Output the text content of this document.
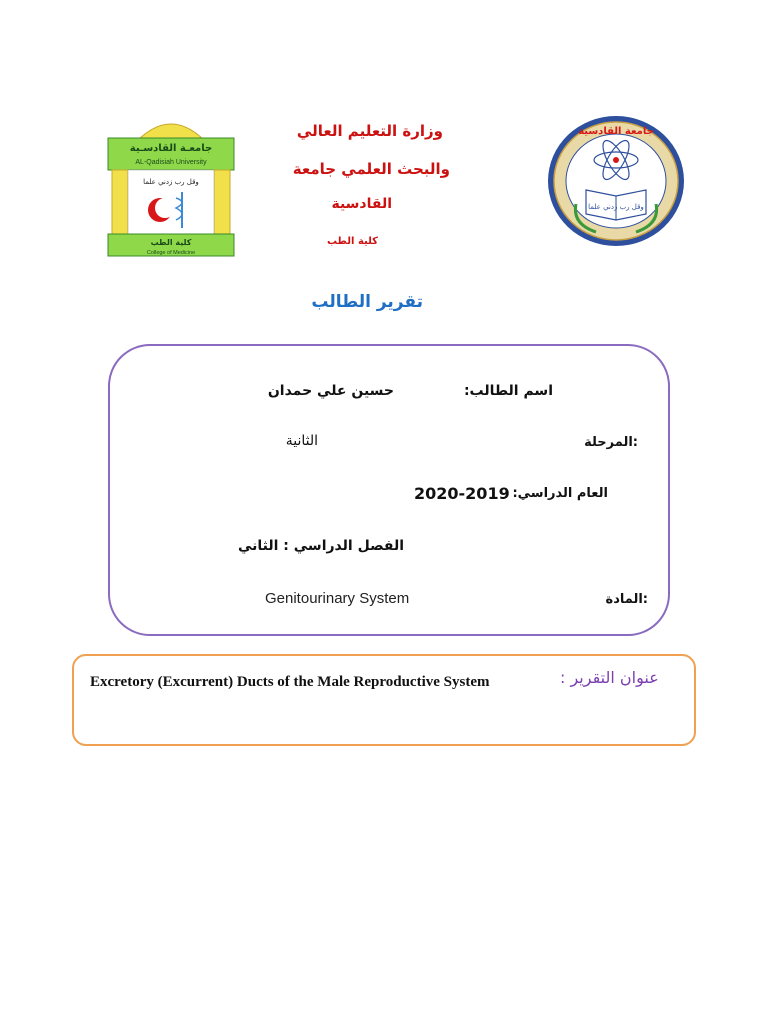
جامعـة القادسـية
AL-Qadisiah University
وقل رب زدني علما
كلية الطب
College of Medicine
وزارة التعليم العالي
والبحث العلمي جامعة
القادسية
كلية الطب
وقل رب زدني علما
جامعة القادسية
تقرير الطالب
اسم الطالب:
حسين علي حمدان
:المرحلة
الثانية
العام الدراسي:
2020-2019
الفصل الدراسي : الثاني
:المادة
Genitourinary System
Excretory (Excurrent) Ducts of the Male Reproductive System	عنوان التقرير :
